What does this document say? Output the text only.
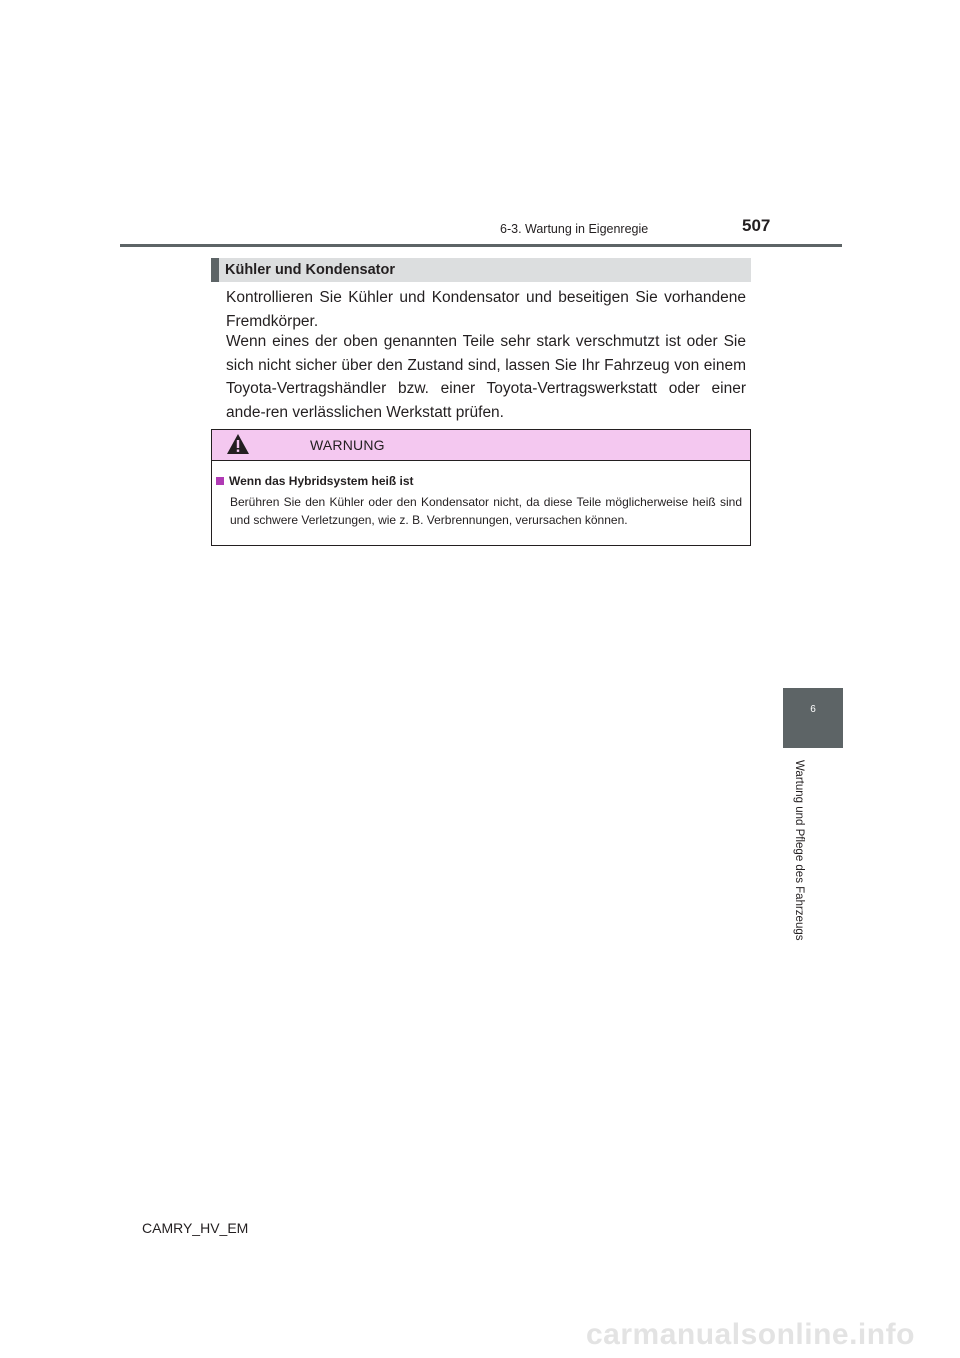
6-3. Wartung in Eigenregie	507
Kühler und Kondensator
Kontrollieren Sie Kühler und Kondensator und beseitigen Sie vorhandene Fremdkörper.
Wenn eines der oben genannten Teile sehr stark verschmutzt ist oder Sie sich nicht sicher über den Zustand sind, lassen Sie Ihr Fahrzeug von einem Toyota-Vertragshändler bzw. einer Toyota-Vertragswerkstatt oder einer ande-ren verlässlichen Werkstatt prüfen.
WARNUNG
Wenn das Hybridsystem heiß ist
Berühren Sie den Kühler oder den Kondensator nicht, da diese Teile möglicherweise heiß sind und schwere Verletzungen, wie z. B. Verbrennungen, verursachen können.
6
Wartung und Pflege des Fahrzeugs
CAMRY_HV_EM
carmanualsonline.info
